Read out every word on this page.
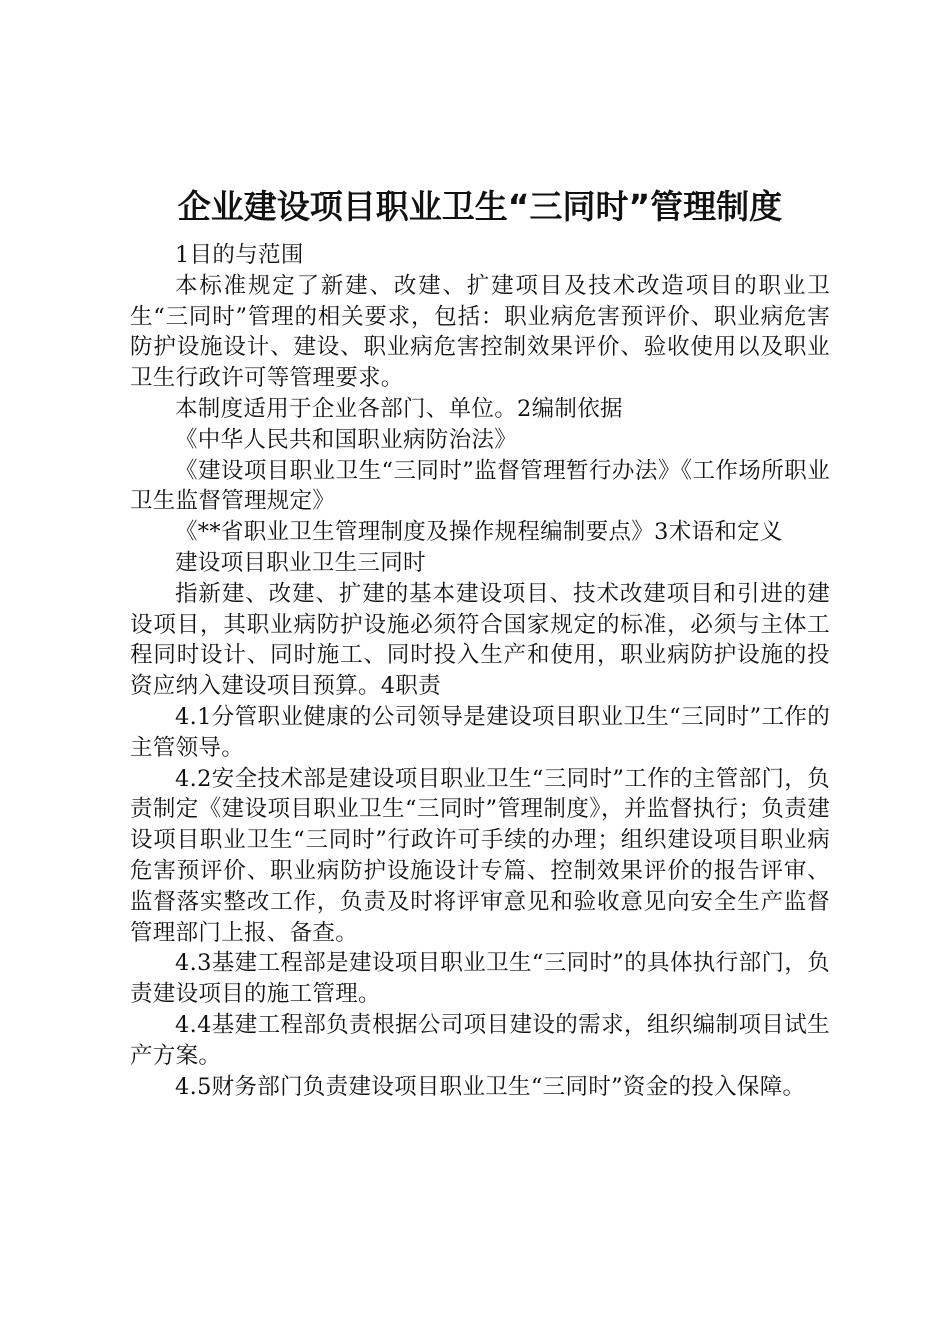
企业建设项目职业卫生“三同时”管理制度

1目的与范围

本标准规定了新建、改建、扩建项目及技术改造项目的职业卫生“三同时”管理的相关要求，包括：职业病危害预评价、职业病危害防护设施设计、建设、职业病危害控制效果评价、验收使用以及职业卫生行政许可等管理要求。

本制度适用于企业各部门、单位。2编制依据

《中华人民共和国职业病防治法》

《建设项目职业卫生“三同时”监督管理暂行办法》《工作场所职业卫生监督管理规定》

《**省职业卫生管理制度及操作规程编制要点》3术语和定义

建设项目职业卫生三同时

指新建、改建、扩建的基本建设项目、技术改建项目和引进的建设项目，其职业病防护设施必须符合国家规定的标准，必须与主体工程同时设计、同时施工、同时投入生产和使用，职业病防护设施的投资应纳入建设项目预算。4职责

4.1分管职业健康的公司领导是建设项目职业卫生“三同时”工作的主管领导。

4.2安全技术部是建设项目职业卫生“三同时”工作的主管部门，负责制定《建设项目职业卫生“三同时”管理制度》，并监督执行；负责建设项目职业卫生“三同时”行政许可手续的办理；组织建设项目职业病危害预评价、职业病防护设施设计专篇、控制效果评价的报告评审、监督落实整改工作，负责及时将评审意见和验收意见向安全生产监督管理部门上报、备查。

4.3基建工程部是建设项目职业卫生“三同时”的具体执行部门，负责建设项目的施工管理。

4.4基建工程部负责根据公司项目建设的需求，组织编制项目试生产方案。

4.5财务部门负责建设项目职业卫生“三同时”资金的投入保障。
